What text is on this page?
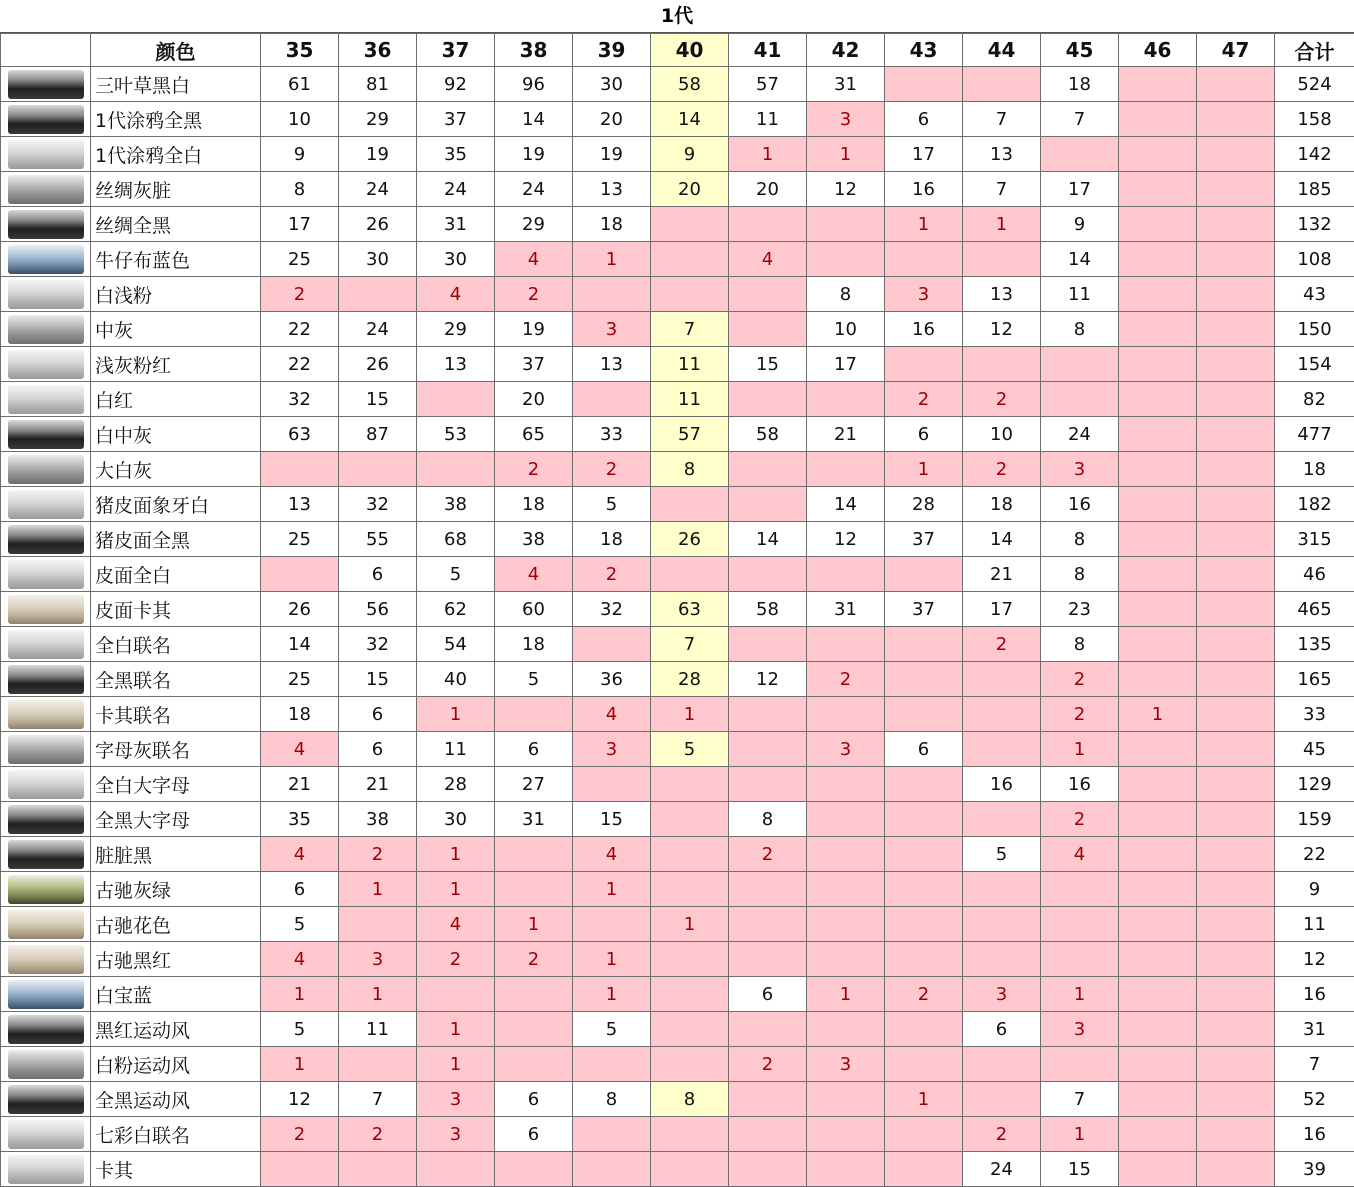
1代
	颜色	35	36	37	38	39	40	41	42	43	44	45	46	47	合计

	三叶草黑白	61	81	92	96	30	58	57	31			18			524

	1代涂鸦全黑	10	29	37	14	20	14	11	3	6	7	7			158

	1代涂鸦全白	9	19	35	19	19	9	1	1	17	13				142

	丝绸灰脏	8	24	24	24	13	20	20	12	16	7	17			185

	丝绸全黑	17	26	31	29	18				1	1	9			132

	牛仔布蓝色	25	30	30	4	1		4				14			108

	白浅粉	2		4	2				8	3	13	11			43

	中灰	22	24	29	19	3	7		10	16	12	8			150

	浅灰粉红	22	26	13	37	13	11	15	17						154

	白红	32	15		20		11			2	2				82

	白中灰	63	87	53	65	33	57	58	21	6	10	24			477

	大白灰				2	2	8			1	2	3			18

	猪皮面象牙白	13	32	38	18	5			14	28	18	16			182

	猪皮面全黑	25	55	68	38	18	26	14	12	37	14	8			315

	皮面全白		6	5	4	2					21	8			46

	皮面卡其	26	56	62	60	32	63	58	31	37	17	23			465

	全白联名	14	32	54	18		7				2	8			135

	全黑联名	25	15	40	5	36	28	12	2			2			165

	卡其联名	18	6	1		4	1					2	1		33

	字母灰联名	4	6	11	6	3	5		3	6		1			45

	全白大字母	21	21	28	27						16	16			129

	全黑大字母	35	38	30	31	15		8				2			159

	脏脏黑	4	2	1		4		2			5	4			22

	古驰灰绿	6	1	1		1									9

	古驰花色	5		4	1		1								11

	古驰黑红	4	3	2	2	1									12

	白宝蓝	1	1			1		6	1	2	3	1			16

	黑红运动风	5	11	1		5					6	3			31

	白粉运动风	1		1				2	3						7

	全黑运动风	12	7	3	6	8	8			1		7			52

	七彩白联名	2	2	3	6						2	1			16

	卡其										24	15			39
